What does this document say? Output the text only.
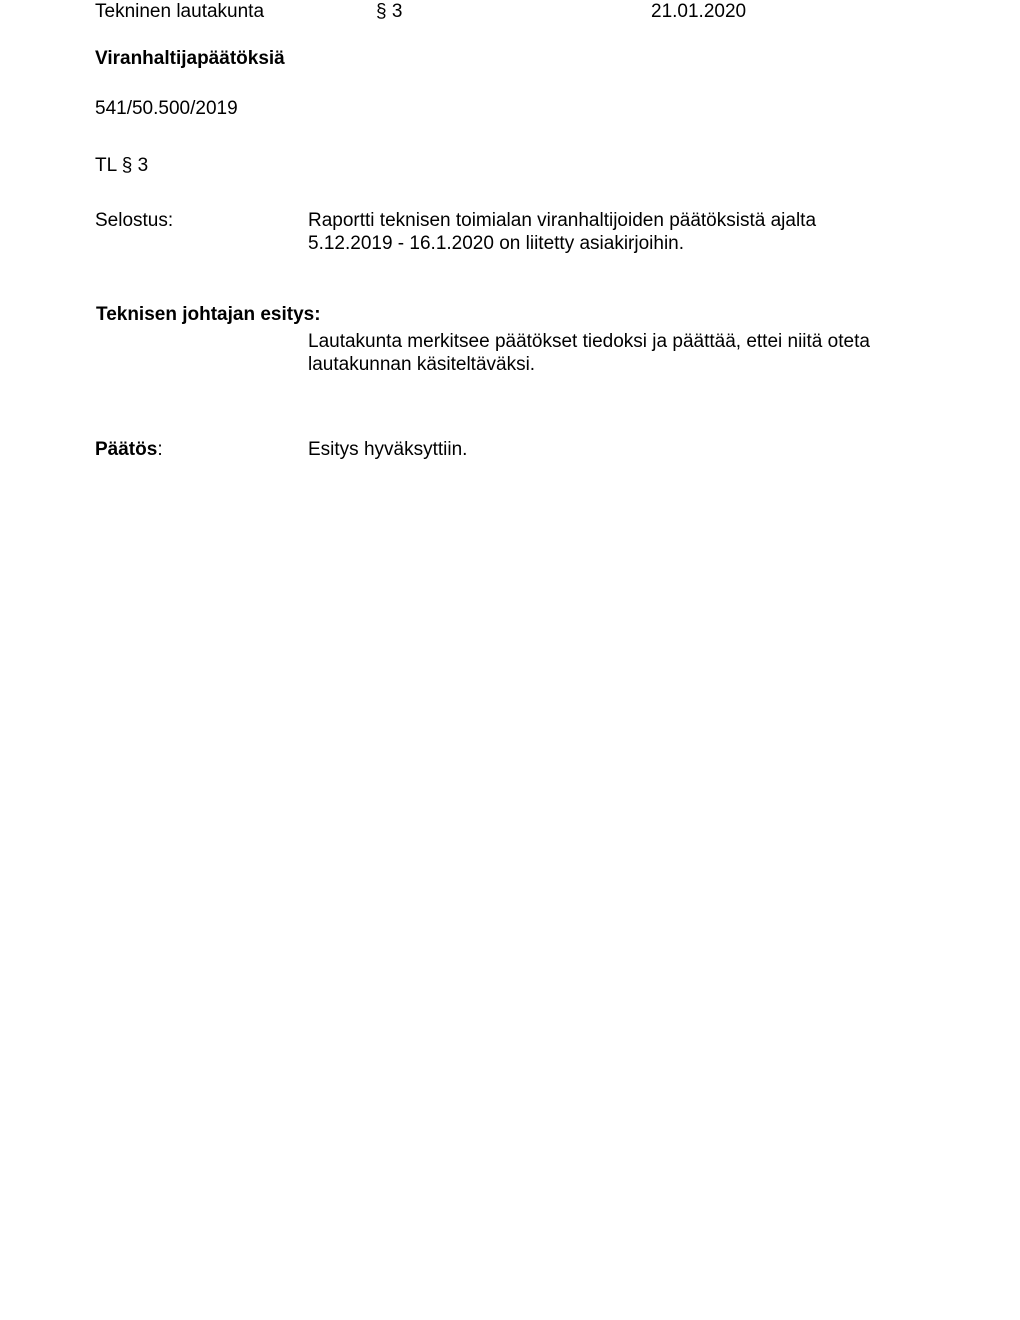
Tekninen lautakunta	§ 3	21.01.2020
Viranhaltijapäätöksiä
541/50.500/2019
TL § 3
Selostus:	Raportti teknisen toimialan viranhaltijoiden päätöksistä ajalta
5.12.2019 - 16.1.2020 on liitetty asiakirjoihin.
Teknisen johtajan esitys:
Lautakunta merkitsee päätökset tiedoksi ja päättää, ettei niitä oteta
lautakunnan käsiteltäväksi.
Päätös:	Esitys hyväksyttiin.
